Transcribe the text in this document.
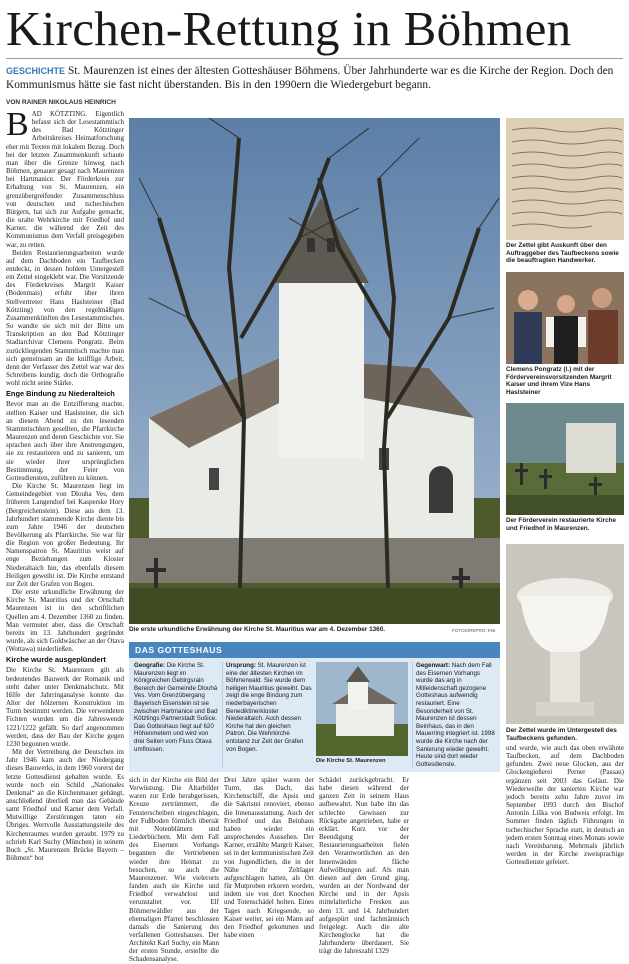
Kirchen-Rettung in Böhmen
GESCHICHTE St. Maurenzen ist eines der ältesten Gotteshäuser Böhmens. Über Jahrhunderte war es die Kirche der Region. Doch den Kommunismus hätte sie fast nicht überstanden. Bis in den 1990ern die Wiedergeburt begann.
VON RAINER NIKOLAUS HEINRICH

BAD KÖTZTING. Eigentlich befasst sich der Lesestammtisch des Bad Kötztinger Arbeitskreises Heimatforschung eher mit Texten mit lokalem Bezug. Doch bei der letzten Zusammenkunft schaute man über die Grenze hinweg nach Böhmen, genauer gesagt nach Maurenzen bei Hartmanice. Der Förderkreis zur Erhaltung von St. Maurenzen, ein grenzübergreifender Zusammenschluss von deutschen und tschechischen Bürgern, hat sich zur Aufgabe gemacht, die uralte Wehrkirche mit Friedhof und Karner, die während der Zeit des Kommunismus dem Verfall preisgegeben war, zu retten.

Beiden Restaurierungsarbeiten wurde auf dem Dachboden ein Taufbecken entdeckt, in dessen hohlem Untergestell ein Zettel eingeklebt war. Die Vorsitzende des Förderkreises Margrit Kaiser (Bodenmais) erfuhr über ihren Stellvertreter Hans Haslsteiner (Bad Kötzting) von den regelmäßigen Zusammenkünften des Lesestammtisches. So wandte sie sich mit der Bitte um Transkription an den Bad Kötztinger Stadtarchivar Clemens Pongratz. Beim zurückliegenden Stammtisch machte man sich gemeinsam an die knifflige Arbeit, denn der Verfasser des Zettel war war des Schreibens kundig, doch die Orthografie wohl nicht seine Stärke.

Enge Bindung zu Niederalteich

Bevor man an die Entzifferung machte, stellten Kaiser und Haslsteiner, die sich an diesem Abend zu den lesenden Stammtischlern gesellten, die Pfarrkirche Maurenzen und deren Geschichte vor. Sie sprachen auch über ihre Anstrengungen, sie zu restaurieren und zu sanieren, um sie wieder ihrer ursprünglichen Bestimmung, der Feier von Gottesdiensten, zuführen zu können.

Die Kirche St. Maurenzen liegt im Gemeindegebiet von Dlouha Ves, dem früheren Langendorf bei Kasperske Hory (Bergreichenstein). Diese aus dem 13. Jahrhundert stammende Kirche diente bis zum Jahre 1946 der deutschen Bevölkerung als Pfarrkirche. Sie war für die Region von großer Bedeutung. Ihr Namenspatron St. Mauritius weist auf enge Beziehungen zum Kloster Niederaltaich hin, das ebenfalls diesem Heiligen geweiht ist. Die Kirche entstand zur Zeit der Grafen von Bogen.

Die erste urkundliche Erwähnung der Kirche St. Mauritius und der Ortschaft Maurenzen ist in den schriftlichen Quellen am 4. Dezember 1360 zu finden. Man vermutet aber, dass die Ortschaft bereits im 13. Jahrhundert gegründet wurde, als sich Goldwäscher an der Otava (Wottawa) niederließen.

Kirche wurde ausgeplündert

Die Kirche St. Maurenzen gilt als bedeutendes Bauwerk der Romanik und steht daher unter Denkmalschutz. Mit Hilfe der Jahrringanalyse konnte das Alter der hölzernen Konstruktion im Turm bestimmt werden. Die verwendeten Fichten wurden um die Jahreswende 1221/1222 gefällt. So darf angenommen werden, dass der Bau der Kirche gegen 1230 begonnen wurde.

Mit der Vertreibung der Deutschen im Jahr 1946 kam auch der Niedergang dieses Bauwerks, in dem 1960 vorerst der letzte Gottesdienst gehalten wurde. Es wurde noch ein Schild „Nationales Denkmal“ an die Kirchenmauer gehängt, anschließend überließ man das Gebäude samt Friedhof und Karner dem Verfall. Mutwillige Zerstörungen taten ein Übriges. Wertvolle Ausstattungsteile des Kirchenraumes wurden geraubt. 1979 zu schrieb Karl Suchy (München) in seinem Buch „St. Maurenzen Brücke Bayern – Böhmen“ bot

Die erste urkundliche Erwähnung der Kirche St. Mauritius war am 4. Dezember 1360.	FOTOS/REPRO: KNI
Der Zettel gibt Auskunft über den Auftraggeber des Taufbeckens sowie die beauftragten Handwerker.
Clemens Pongratz (l.) mit der Fördervereinsvorsitzenden Margrit Kaiser und ihrem Vize Hans Haslsteiner
Der Förderverein restaurierte Kirche und Friedhof in Maurenzen.
Der Zettel wurde im Untergestell des Taufbeckens gefunden.
DAS GOTTESHAUS
Geografie: Die Kirche St. Maurenzen liegt im Königreichen Gebirgsrain Bereich der Gemeinde Dlouhá Ves. Vom Grenzübergang Bayerisch Eisenstein ist sie zwischen Hartmanice und Bad Kötztings Partnerstadt Sušice. Das Gotteshaus liegt auf 620 Höhenmetern und wird von drei Seiten vom Fluss Otava umflossen.
Ursprung: St. Maurenzen ist eine der ältesten Kirchen im Böhmerwald. Sie wurde dem heiligen Mauritius geweiht. Das zeigt die enge Bindung zum niederbayerischen Benediktinerkloster Niederaltaich. Auch dessen Kirche hat den gleichen Patron. Die Wehrkirche entstand zur Zeit der Grafen von Bogen.
Die Kirche St. Maurenzen
Gegenwart: Nach dem Fall des Eisernen Vorhangs wurde das arg in Mitleidenschaft gezogene Gotteshaus aufwendig restauriert. Eine Besonderheit von St. Maurenzen ist dessen Beinhaus, das in den Mauerring integriert ist. 1998 wurde die Kirche nach der Sanierung wieder geweiht. Heute sind dort wieder Gottesdienste.
sich in der Kirche ein Bild der Verwüstung. Die Altarbilder waren zur Erde herabgerissen, Kreuze zertrümmert, die Fensterscheiben eingeschlagen, der Fußboden förmlich übersät mit Notenblättern und Liederbüchern. Mit dem Fall des Eisernen Vorhangs begannen die Vertriebenen wieder ihre Heimat zu besuchen, so auch die Maurenzener. Wie vielerorts fanden auch sie Kirche und Friedhof verwahrlost und verunstaltet vor. Elf Böhmerwäldler aus der ehemaligen Pfarrei beschlossen damals die Sanierung des verfallenen Gotteshauses. Der Architekt Karl Suchy, ein Mann der ersten Stunde, erstellte die Schadensanalyse.
Drei Jahre später waren der Turm, das Dach, das Kirchenschiff, die Apsis und die Sakristei renoviert, ebenso die Innenausstattung. Auch der Friedhof und das Beinhaus haben wieder ein ansprechendes Aussehen. Der Karner, erzählte Margrit Kaiser, sei in der kommunistischen Zeit von Jugendlichen, die in der Nähe ihr Zeltlager aufgeschlagen hatten, als Ort für Mutproben erkoren worden, indem sie von dort Knochen und Totenschädel holten. Eines Tages nach Kriegsende, so Kaiser weiter, sei ein Mann auf den Friedhof gekommen und habe einen
Schädel zurückgebracht. Er habe diesen während der ganzen Zeit in seinem Haus aufbewahrt. Nun habe ihn das schlechte Gewissen zur Rückgabe angetrieben, habe er erklärt. Kurz vor der Beendigung der Restaurierungsarbeiten fielen den Verantwortlichen an den Innenwänden fläche Aufwölbungen auf. Als man diesen auf den Grund ging, wurden an der Nordwand der Kirche und in der Apsis mittelalterliche Fresken aus dem 13. und 14. Jahrhundert aufgespürt und fachmännisch freigelegt. Auch die alte Kirchenglocke hat die Jahrhunderte überdauert. Sie trägt die Jahreszahl 1329
und wurde, wie auch das oben erwähnte Taufbecken, auf dem Dachboden gefunden. Zwei neue Glocken, aus der Glockengießerei Perner (Passau) ergänzen seit 2003 das Geläut. Die Wiederweihe der sanierten Kirche war jedoch bereits zehn Jahre zuvor im September 1993 durch den Bischof Antonín Liška von Budweis erfolgt. Im Sommer finden täglich Führungen in tschechischer Sprache statt, in deutsch an jedem ersten Sonntag eines Monats sowie nach Vereinbarung. Mehrmals jährlich werden in der Kirche zweisprachige Gottesdienste gefeiert.
